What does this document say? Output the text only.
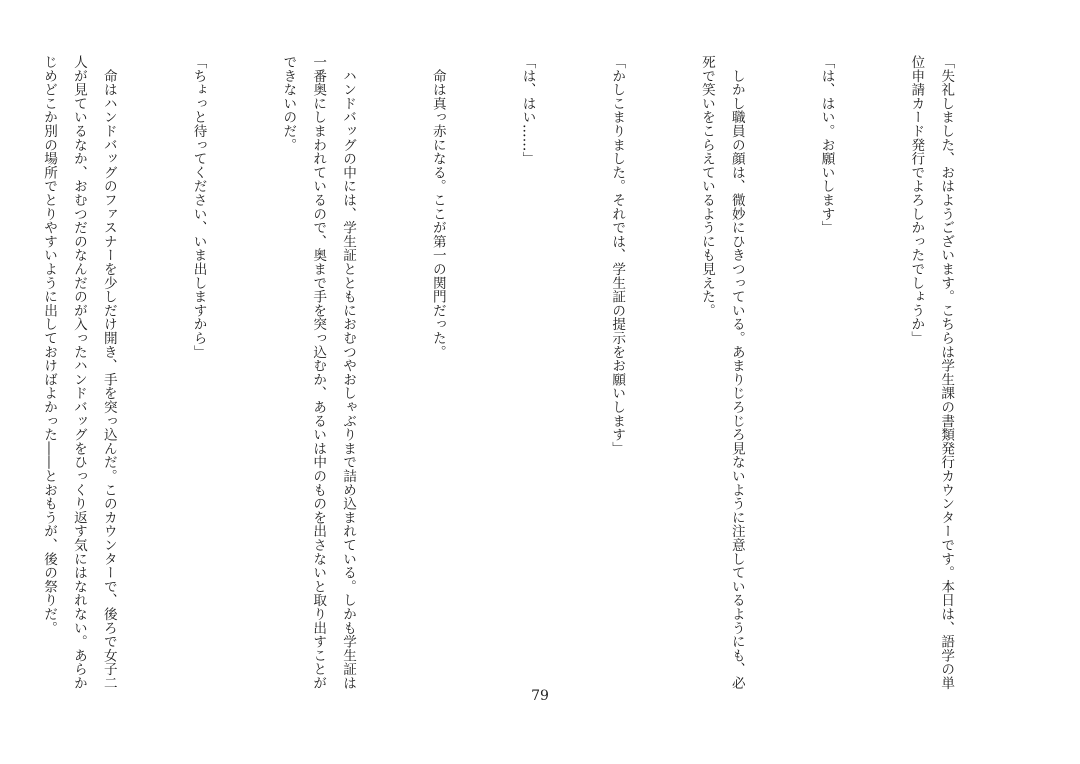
「失礼しました、おはようございます。こちらは学生課の書類発行カウンターです。本日は、語学の単位申請カード発行でよろしかったでしょうか」

「は、はい。お願いします」

　しかし職員の顔は、微妙にひきつっている。あまりじろじろ見ないように注意しているようにも、必死で笑いをこらえているようにも見えた。

「かしこまりました。それでは、学生証の提示をお願いします」

「は、はい……」

　命は真っ赤になる。ここが第一の関門だった。

　ハンドバッグの中には、学生証とともにおむつやおしゃぶりまで詰め込まれている。しかも学生証は一番奥にしまわれているので、奥まで手を突っ込むか、あるいは中のものを出さないと取り出すことができないのだ。

「ちょっと待ってください、いま出しますから」

　命はハンドバッグのファスナーを少しだけ開き、手を突っ込んだ。このカウンターで、後ろで女子二人が見ているなか、おむつだのなんだのが入ったハンドバッグをひっくり返す気にはなれない。あらかじめどこか別の場所でとりやすいように出しておけばよかった――とおもうが、後の祭りだ。

79
